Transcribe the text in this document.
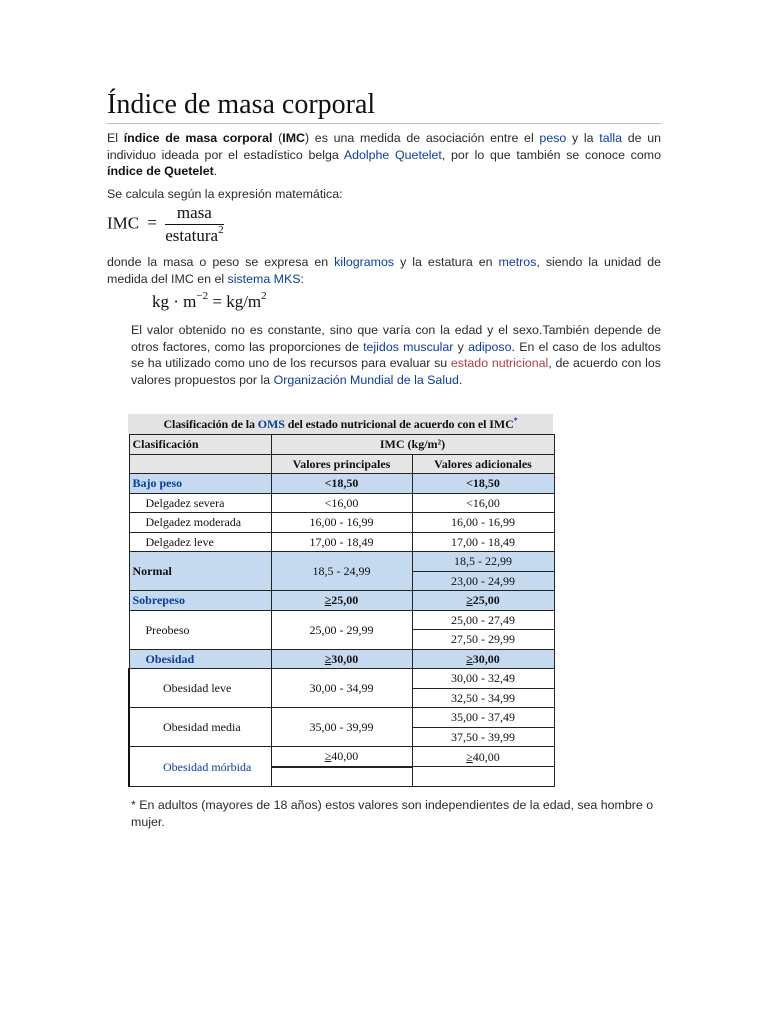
Índice de masa corporal
El índice de masa corporal (IMC) es una medida de asociación entre el peso y la talla de un individuo ideada por el estadístico belga Adolphe Quetelet, por lo que también se conoce como índice de Quetelet.
Se calcula según la expresión matemática:
IMC = $\frac{\text{masa}}{estatura^2}$
donde la masa o peso se expresa en kilogramos y la estatura en metros, siendo la unidad de medida del IMC en el sistema MKS:
kg · $m^{-2} = kg/m^2$
El valor obtenido no es constante, sino que varía con la edad y el sexo.También depende de otros factores, como las proporciones de tejidos muscular y adiposo. En el caso de los adultos se ha utilizado como uno de los recursos para evaluar su estado nutricional, de acuerdo con los valores propuestos por la Organización Mundial de la Salud.
Clasificación de la OMS del estado nutricional de acuerdo con el IMC*
Clasificación	IMC (kg/m²)	
	Valores principales	Valores adicionales
Bajo peso	<18,50	<18,50
Delgadez severa	<16,00	<16,00
Delgadez moderada	16,00 - 16,99	16,00 - 16,99
Delgadez leve	17,00 - 18,49	17,00 - 18,49
Normal	18,5 - 24,99	18,5 - 22,99
		23,00 - 24,99
Sobrepeso	≥25,00	≥25,00
Preobeso	25,00 - 29,99	25,00 - 27,49
		27,50 - 29,99
Obesidad	≥30,00	≥30,00
Obesidad leve	30,00 - 34,99	30,00 - 32,49
		32,50 - 34,99
Obesidad media	35,00 - 39,99	35,00 - 37,49
		37,50 - 39,99
Obesidad mórbida	≥40,00	≥40,00

* En adultos (mayores de 18 años) estos valores son independientes de la edad, sea hombre o mujer.
